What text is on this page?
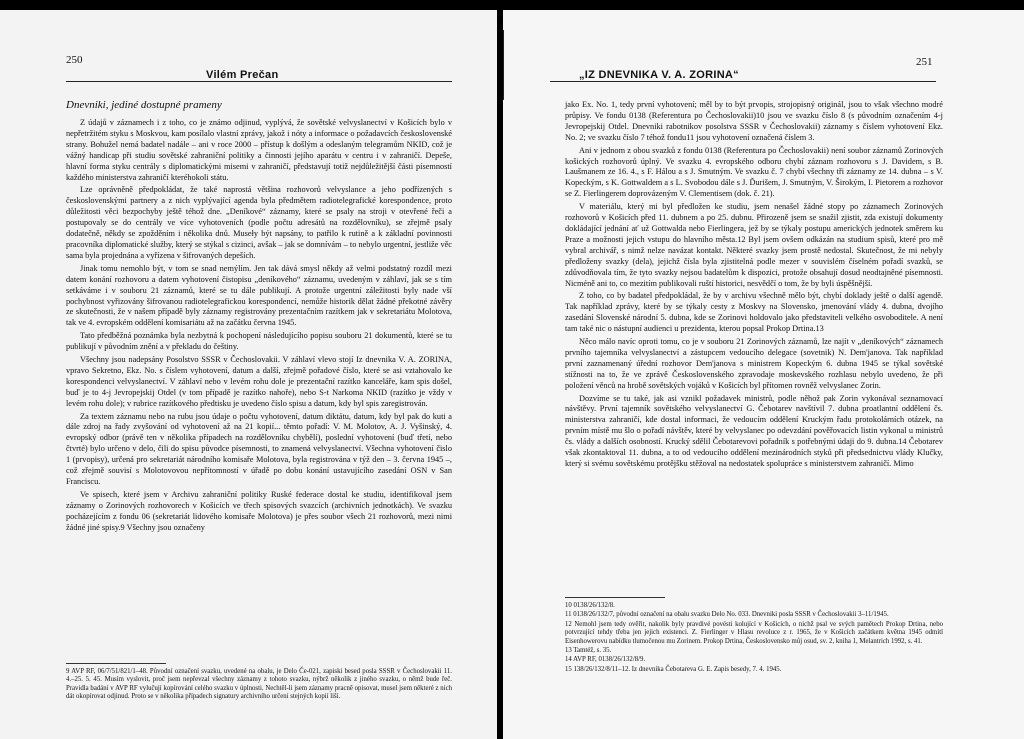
250
Vilém Prečan
Dnevniki, jediné dostupné prameny

Z údajů v záznamech i z toho, co je známo odjinud, vyplývá, že sovětské velvyslanectví v Košicích bylo v nepřetržitém styku s Moskvou, kam posílalo vlastní zprávy, jakož i nóty a informace o požadavcích československé strany. Bohužel nemá badatel nadále – ani v roce 2000 – přístup k došlým a odeslaným telegramům NKID, což je vážný handicap při studiu sovětské zahraniční politiky a činnosti jejího aparátu v centru i v zahraničí. Depeše, hlavní forma styku centrály s diplomatickými misemi v zahraničí, představují totiž nejdůležitější části písemností každého ministerstva zahraničí kteréhokoli státu.

Lze oprávněně předpokládat, že také naprostá většina rozhovorů velvyslance a jeho podřízených s československými partnery a z nich vyplývající agenda byla předmětem radiotelegrafické korespondence, proto důležitosti věci bezpochyby ještě téhož dne. „Deníkové“ záznamy, které se psaly na stroji v otevřené řeči a postupovaly se do centrály ve více vyhotoveních (podle počtu adresátů na rozdělovníku), se zřejmě psaly dodatečně, někdy se zpožděním i několika dnů. Museły být napsány, to patřilo k rutině a k základní povinnosti pracovníka diplomatické služby, který se stýkal s cizinci, avšak – jak se domnívám – to nebylo urgentní, jestliže věc sama byla projednána a vyřízena v šifrovaných depeších.

Jinak tomu nemohlo být, v tom se snad nemýlím. Jen tak dává smysl někdy až velmi podstatný rozdíl mezi datem konání rozhovoru a datem vyhotovení čistopisu „deníkového“ záznamu, uvedeným v záhlaví, jak se s tím setkáváme i v souboru 21 záznamů, které se tu dále publikují. A protože urgentní záležitosti byly nade vší pochybnost vyřizovány šifrovanou radiotelegrafickou korespondencí, nemůže historik dělat žádné překotné závěry ze skutečnosti, že v našem případě byly záznamy registrovány prezentačním razítkem jak v sekretariátu Molotova, tak ve 4. evropském oddělení komisariátu až na začátku června 1945.

Tato předběžná poznámka byla nezbytná k pochopení následujícího popisu souboru 21 dokumentů, které se tu publikují v původním znění a v překladu do češtiny.

Všechny jsou nadepsány Posolstvo SSSR v Čechoslovakii. V záhlaví vlevo stojí Iz dnevnika V. A. ZORINA, vpravo Sekretno, Ekz. No. s číslem vyhotovení, datum a další, zřejmě pořadové číslo, které se asi vztahovalo ke korespondenci velvyslanectví. V záhlaví nebo v levém rohu dole je prezentační razítko kanceláře, kam spis došel, buď je to 4-j Jevropejskij Otdel (v tom případě je razítko nahoře), nebo S-t Narkoma NKID (razítko je vždy v levém rohu dole); v rubrice razítkového předtisku je uvedeno číslo spisu a datum, kdy byl spis zaregistrován.

Za textem záznamu nebo na rubu jsou údaje o počtu vyhotovení, datum diktátu, datum, kdy byl pak do kuti a dále zdroj na řady zvyšování od vyhotovení až na 21 kopií... těmto pořadí: V. M. Molotov, A. J. Vyšinský, 4. evropský odbor (právě ten v několika případech na rozdělovníku chybělí), poslední vyhotovení (buď třetí, nebo čtvrté) bylo určeno v delo, čili do spisu původce písemnosti, to znamená velvyslanectví. Všechna vyhotovení čislo 1 (prvopisy), určená pro sekretariát národního komisaře Molotova, byla registrována v týž den – 3. června 1945 –, což zřejmě souvisí s Molotovovou nepřítomností v úřadě po dobu konání ustavujícího zasedání OSN v San Franciscu.

Ve spisech, které jsem v Archivu zahraniční politiky Ruské federace dostal ke studiu, identifikoval jsem záznamy o Zorinových rozhovorech v Košicích ve třech spisových svazcích (archivních jednotkách). Ve svazku pocházejícím z fondu 06 (sekretariát lidového komisaře Molotova) je přes soubor všech 21 rozhovorů, mezi nimi žádné jiné spisy.9 Všechny jsou označeny

9 AVP RF, 06/7/51/821/1–48. Původní označení svazku, uvedené na obalu, je Delo Če-021, zapiski besed posla SSSR v Čechoslovakii 11. 4.–25. 5. 45. Musím vyslovit, proč jsem nepřevzal všechny záznamy z tohoto svazku, nýbrž několik z jiného svazku, o němž bude řeč. Pravidla badání v AVP RF vylučují kopírování celého svazku v úplnosti. Nechtěl-li jsem záznamy pracně opisovat, musel jsem některé z nich dát okopírovat odjinud. Proto se v několika případech signatury archivního určení stejných kopií liší.

251
„IZ DNEVNIKA V. A. ZORINA“

jako Ex. No. 1, tedy první vyhotovení; měl by to být prvopis, strojopisný originál, jsou to však všechno modré průpisy. Ve fondu 0138 (Referentura po Čechoslovakii)10 jsou ve svazku číslo 8 (s původním označením 4-j Jevropejskij Otdel. Dnevniki rabotnikov posolstva SSSR v Čechoslovakii) záznamy s číslem vyhotovení Ekz. No. 2; ve svazku číslo 7 téhož fondu11 jsou vyhotovení označená číslem 3.

Ani v jednom z obou svazků z fondu 0138 (Referentura po Čechoslovakii) není soubor záznamů Zorinových košických rozhovorů úplný. Ve svazku 4. evropského odboru chybí záznam rozhovoru s J. Davidem, s B. Laušmanem ze 16. 4., s F. Hálou a s J. Smutným. Ve svazku č. 7 chybí všechny tři záznamy ze 14. dubna – s V. Kopeckým, s K. Gottwaldem a s L. Svobodou dále s J. Ďurišem, J. Smutným, V. Širokým, I. Pietorem a rozhovor se Z. Fierlingerem doprovázeným V. Clementisem (dok. č. 21).

V materiálu, který mi byl předložen ke studiu, jsem nenašel žádné stopy po záznamech Zorinových rozhovorů v Košicích před 11. dubnem a po 25. dubnu. Přirozeně jsem se snažil zjistit, zda existují dokumenty dokládající jednání ať už Gottwalda nebo Fierlingera, jež by se týkaly postupu amerických jednotek směrem ku Praze a možnosti jejich vstupu do hlavního města.12 Byl jsem ovšem odkázán na studium spisů, které pro mě vybral archivář, s nimž nelze navázat kontakt. Některé svazky jsem prostě nedostal. Skutečnost, že mi nebyly předloženy svazky (dela), jejichž čísla byla zjistitelná podle mezer v souvislém číselném pořadí svazků, se zdůvodňovala tím, že tyto svazky nejsou badatelům k dispozici, protože obsahují dosud neodtajněné písemnosti. Nicméně ani to, co mezitím publikovali ruští historici, nesvědčí o tom, že by byli úspěšnější.

Z toho, co by badatel předpokládal, že by v archivu všechně mělo být, chybí doklady ještě o další agendě. Tak například zprávy, které by se týkaly cesty z Moskvy na Slovensko, jmenování vlády 4. dubna, dvojího zasedání Slovenské národní 5. dubna, kde se Zorinovi holdovalo jako představiteli velkého osvoboditele. A není tam také nic o nástupní audienci u prezidenta, kterou popsal Prokop Drtina.13

Něco málo navíc oproti tomu, co je v souboru 21 Zorinových záznamů, lze najít v „deníkových“ záznamech prvního tajemníka velvyslanectví a zástupcem vedoucího delegace (sovetnik) N. Dem'janova. Tak například první zaznamenaný úřední rozhovor Dem'janova s ministrem Kopeckým 6. dubna 1945 se týkal sovětské stížnosti na to, že ve zprávě Československého zpravodaje moskevského rozhlasu nebylo uvedeno, že při položení věnců na hrobě sovětských vojáků v Košicích byl přítomen rovněž velvyslanec Zorin.

Dozvíme se tu také, jak asi vznikl požadavek ministrů, podle něhož pak Zorin vykonával seznamovací návštěvy. První tajemník sovětského velvyslanectví G. Čebotarev navštívil 7. dubna proatlantní oddělení čs. ministerstva zahraničí, kde dostal informaci, že vedoucím oddělení Kruckým řadu protokolárních otázek, na prvním místě mu šlo o pořadí návštěv, které by velvyslanec po odevzdání pověřovacích listin vykonal u ministrů čs. vlády a dalších osobností. Krucký sdělil Čebotarevovi pořadník s potřebnými údaji do 9. dubna.14 Čebotarev však zkontaktoval 11. dubna, a to od vedoucího oddělení mezinárodních styků při předsednictvu vlády Klučky, který si svému sovětskému protějšku stěžoval na nedostatek spolupráce s ministerstvem zahraničí. Mimo

10 0138/26/132/8.

11 0138/26/132/7, původní označení na obalu svazku Delo No. 033. Dnevniki posla SSSR v Čechoslovakii 3–11/1945.

12 Nemohl jsem tedy ověřit, nakolik byly pravdivé povésti kolující v Košicích, o nichž psal ve svých pamětech Prokop Drtina, nebo potvrzující tehdy třeba jen jejich existenci. Z. Fierlinger v Hlasu revoluce z r. 1965, že v Košicích začátkem května 1945 odmítl Eisenhowerovu nabídku tlumočenou mu Zorinem. Prokop Drtina, Československo můj osud, sv. 2, kniha 1, Melantrich 1992, s. 41.

13 Tamtéž, s. 35.

14 AVP RF, 0138/26/132/8/9.

15 138/26/132/8/11–12. Iz dnevnika Čebotareva G. E. Zapis besedy, 7. 4. 1945.
